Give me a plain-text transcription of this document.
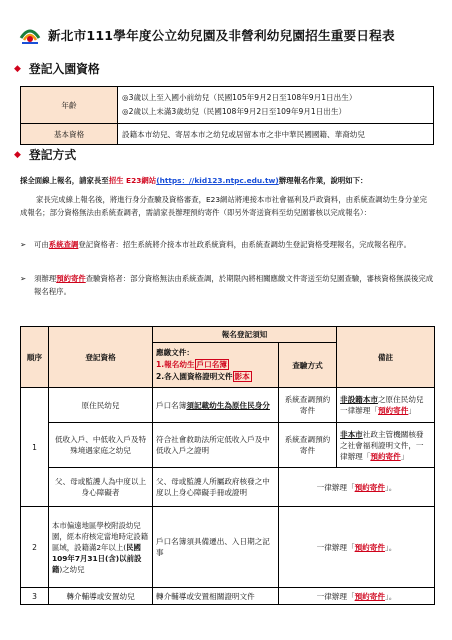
新北市111學年度公立幼兒園及非營利幼兒園招生重要日程表
◆ 登記入園資格
年齡	◎3歲以上至入國小前幼兒（民國105年9月2日至108年9月1日出生）
◎2歲以上未滿3歲幼兒（民國108年9月2日至109年9月1日出生）

基本資格	設籍本市幼兒、寄居本市之幼兒或居留本市之非中華民國國籍、華裔幼兒
◆ 登記方式
採全面線上報名，請家長至招生 E23網站(https：//kid123.ntpc.edu.tw)辦理報名作業，說明如下：
家長完成線上報名後，將進行身分查驗及資格審查，E23網站將連接本市社會福利及戶政資料，由系統查調幼生身分並完成報名；部分資格無法由系統查調者，需請家長辦理預約寄件（即另外寄送資料至幼兒園審核以完成報名）：
➢ 可由系統查調登記資格者：招生系統將介接本市社政系統資料，由系統查調幼生登記資格受理報名，完成報名程序。
➢ 須辦理預約寄件查驗資格者：部分資格無法由系統查調，於期限內將相關應繳文件寄送至幼兒園查驗，審核資格無誤後完成報名程序。
順序	登記資格	報名登記須知		備註

		應繳文件：
1.報名幼生 戶口名簿
2.各入園資格證明文件 影本	查驗方式	
1	原住民幼兒	戶口名簿須記載幼生為原住民身分	系統查調預約寄件	非設籍本市之原住民幼兒一律辦理「預約寄件」
	低收入戶、中低收入戶及特殊境遇家庭之幼兒	符合社會救助法所定低收入戶及中低收入戶之證明	系統查調預約寄件	非本市社政主管機關核發之社會福利證明文件，一律辦理「預約寄件」
	父、母或監護人為中度以上身心障礙者	父、母或監護人所屬政府核發之中度以上身心障礙手冊或證明	一律辦理「預約寄件」。	
2	本市偏遠地區學校附設幼兒園，經本府核定當地時定設籍區域，設籍滿2年以上(民國109年7月31日(含)以前設籍)之幼兒	戶口名簿須具備遷出、入日期之記事	一律辦理「預約寄件」。	
3	轉介輔導或安置幼兒	轉介輔導或安置相關證明文件	一律辦理「預約寄件」。	
